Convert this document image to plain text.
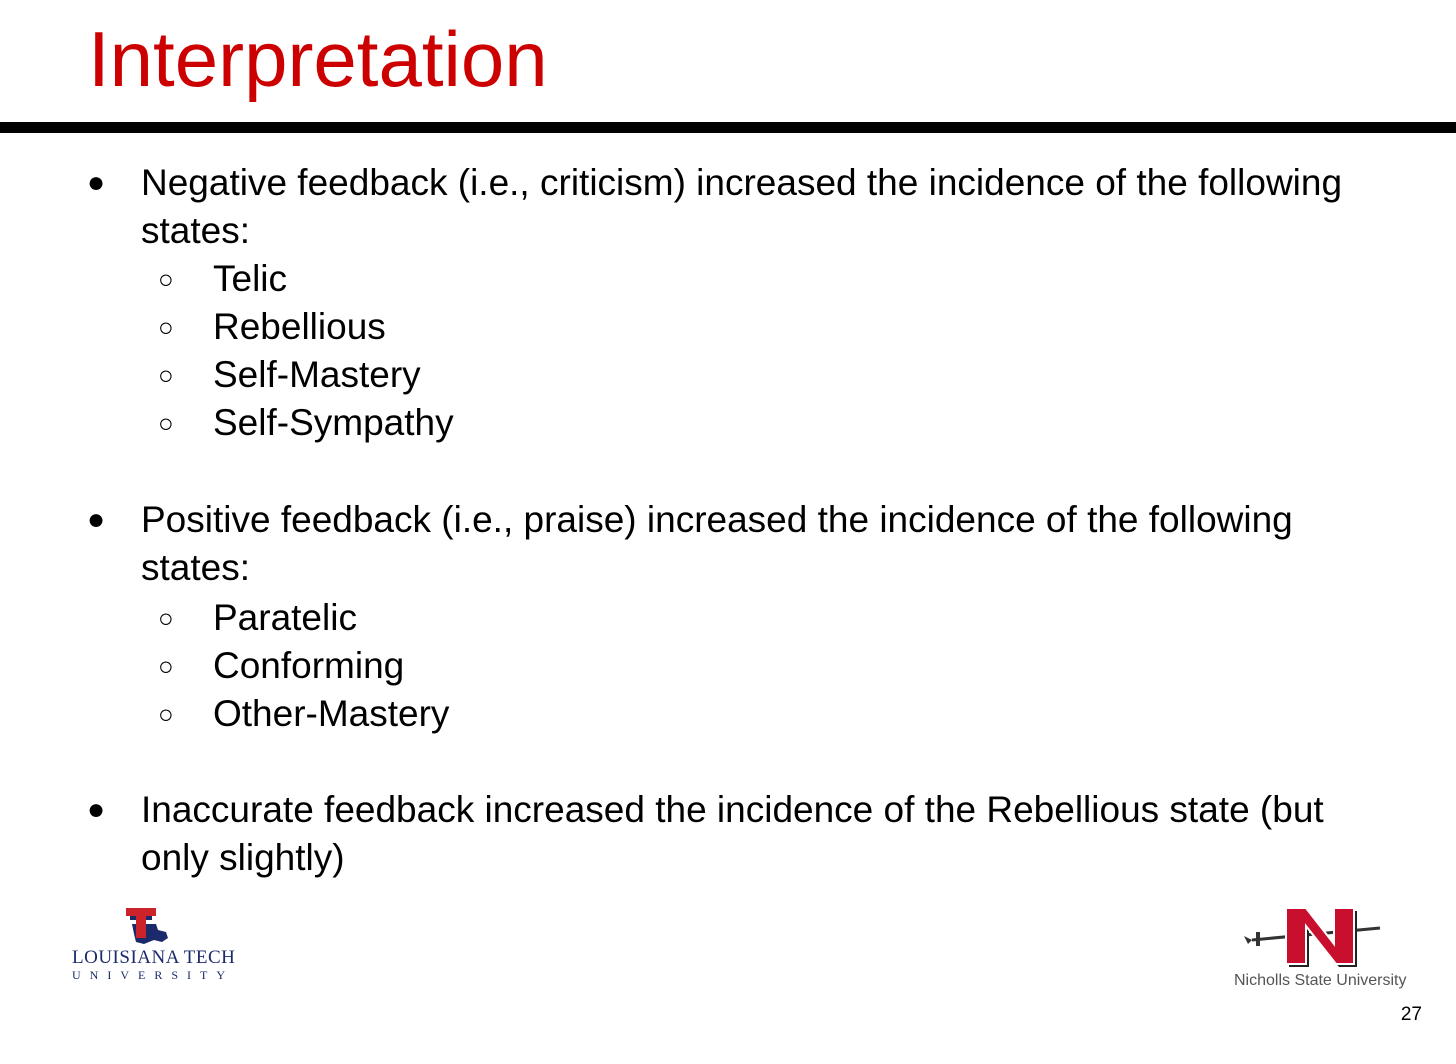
Interpretation
● Negative feedback (i.e., criticism) increased the incidence of the following states:

○ Telic
○ Rebellious
○ Self-Mastery
○ Self-Sympathy
● Positive feedback (i.e., praise) increased the incidence of the following states:

○ Paratelic
○ Conforming
○ Other-Mastery
● Inaccurate feedback increased the incidence of the Rebellious state (but only slightly)

LOUISIANA TECH
UNIVERSITY	Nicholls State University
27
